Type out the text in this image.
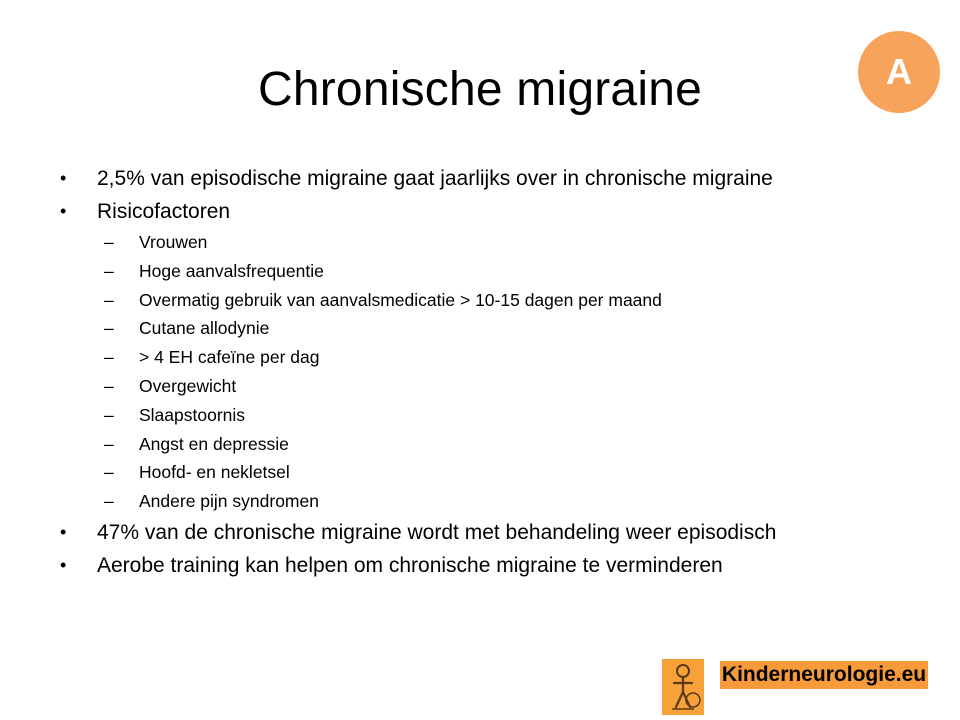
Chronische migraine	A
• 2,5% van episodische migraine gaat jaarlijks over in chronische migraine
• Risicofactoren
– Vrouwen
– Hoge aanvalsfrequentie
– Overmatig gebruik van aanvalsmedicatie > 10-15 dagen per maand
– Cutane allodynie
– > 4 EH cafeïne per dag
– Overgewicht
– Slaapstoornis
– Angst en depressie
– Hoofd- en nekletsel
– Andere pijn syndromen
• 47% van de chronische migraine wordt met behandeling weer episodisch
• Aerobe training kan helpen om chronische migraine te verminderen
Kinderneurologie.eu
